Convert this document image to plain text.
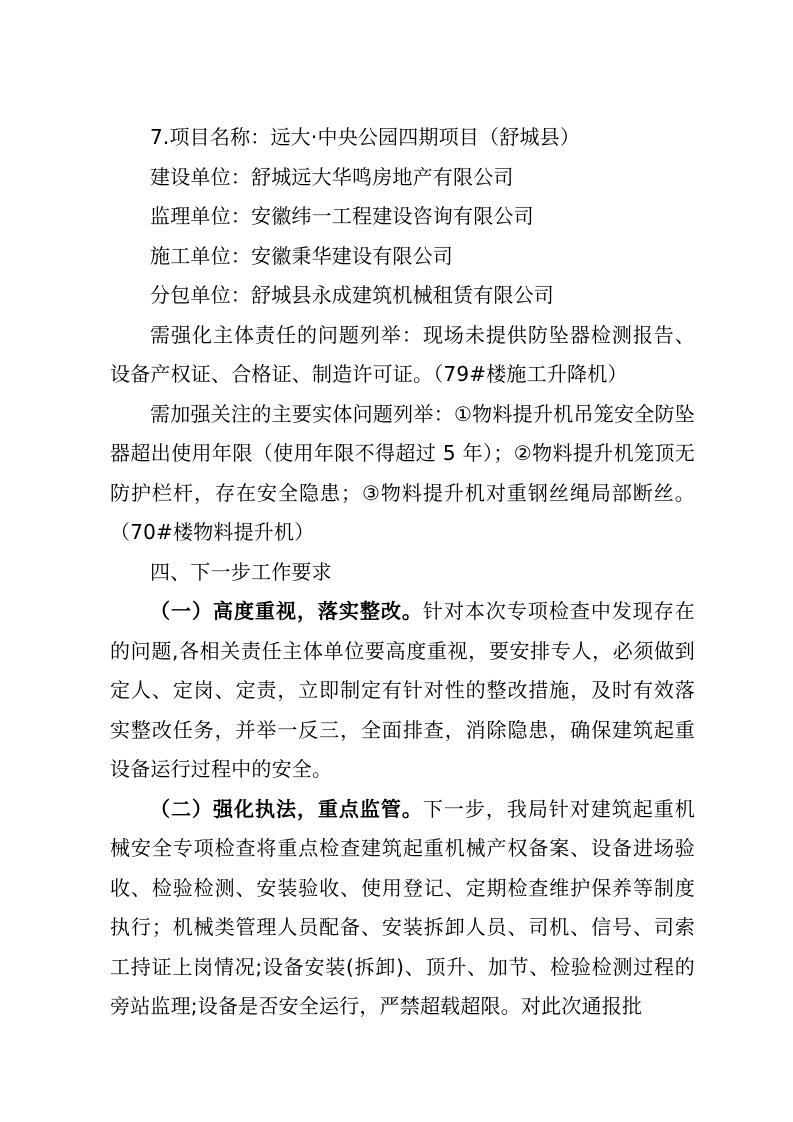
7.项目名称：远大·中央公园四期项目（舒城县）

建设单位：舒城远大华鸣房地产有限公司

监理单位：安徽纬一工程建设咨询有限公司

施工单位：安徽秉华建设有限公司

分包单位：舒城县永成建筑机械租赁有限公司

需强化主体责任的问题列举：现场未提供防坠器检测报告、设备产权证、合格证、制造许可证。（79#楼施工升降机）

需加强关注的主要实体问题列举：①物料提升机吊笼安全防坠器超出使用年限（使用年限不得超过 5 年）；②物料提升机笼顶无防护栏杆，存在安全隐患；③物料提升机对重钢丝绳局部断丝。（70#楼物料提升机）

四、下一步工作要求

（一）高度重视，落实整改。针对本次专项检查中发现存在的问题,各相关责任主体单位要高度重视，要安排专人，必须做到定人、定岗、定责，立即制定有针对性的整改措施，及时有效落实整改任务，并举一反三，全面排查，消除隐患，确保建筑起重设备运行过程中的安全。

（二）强化执法，重点监管。下一步，我局针对建筑起重机械安全专项检查将重点检查建筑起重机械产权备案、设备进场验收、检验检测、安装验收、使用登记、定期检查维护保养等制度执行；机械类管理人员配备、安装拆卸人员、司机、信号、司索工持证上岗情况;设备安装(拆卸)、顶升、加节、检验检测过程的旁站监理;设备是否安全运行，严禁超载超限。对此次通报批
